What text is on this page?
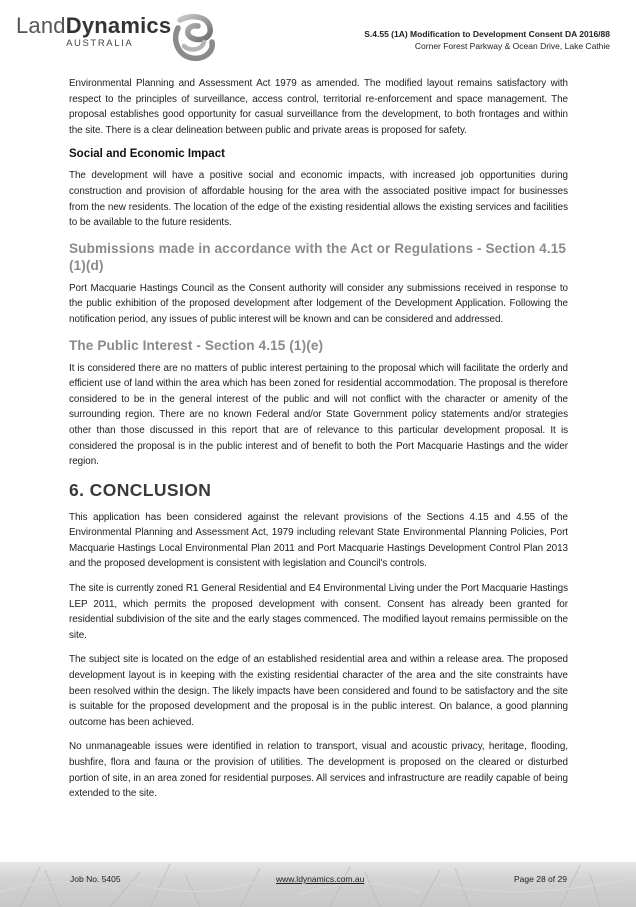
LandDynamics
AUSTRALIA
S.4.55 (1A) Modification to Development Consent DA 2016/88
Corner Forest Parkway & Ocean Drive, Lake Cathie

Environmental Planning and Assessment Act 1979 as amended. The modified layout remains satisfactory with respect to the principles of surveillance, access control, territorial re-enforcement and space management. The proposal establishes good opportunity for casual surveillance from the development, to both frontages and within the site. There is a clear delineation between public and private areas is proposed for safety.

Social and Economic Impact

The development will have a positive social and economic impacts, with increased job opportunities during construction and provision of affordable housing for the area with the associated positive impact for businesses from the new residents. The location of the edge of the existing residential allows the existing services and facilities to be available to the future residents.

Submissions made in accordance with the Act or Regulations - Section 4.15 (1)(d)

Port Macquarie Hastings Council as the Consent authority will consider any submissions received in response to the public exhibition of the proposed development after lodgement of the Development Application. Following the notification period, any issues of public interest will be known and can be considered and addressed.

The Public Interest - Section 4.15 (1)(e)

It is considered there are no matters of public interest pertaining to the proposal which will facilitate the orderly and efficient use of land within the area which has been zoned for residential accommodation. The proposal is therefore considered to be in the general interest of the public and will not conflict with the character or amenity of the surrounding region. There are no known Federal and/or State Government policy statements and/or strategies other than those discussed in this report that are of relevance to this particular development proposal. It is considered the proposal is in the public interest and of benefit to both the Port Macquarie Hastings and the wider region.

6. CONCLUSION

This application has been considered against the relevant provisions of the Sections 4.15 and 4.55 of the Environmental Planning and Assessment Act, 1979 including relevant State Environmental Planning Policies, Port Macquarie Hastings Local Environmental Plan 2011 and Port Macquarie Hastings Development Control Plan 2013 and the proposed development is consistent with legislation and Council's controls.

The site is currently zoned R1 General Residential and E4 Environmental Living under the Port Macquarie Hastings LEP 2011, which permits the proposed development with consent. Consent has already been granted for residential subdivision of the site and the early stages commenced. The modified layout remains permissible on the site.

The subject site is located on the edge of an established residential area and within a release area. The proposed development layout is in keeping with the existing residential character of the area and the site constraints have been resolved within the design. The likely impacts have been considered and found to be satisfactory and the site is suitable for the proposed development and the proposal is in the public interest. On balance, a good planning outcome has been achieved.

No unmanageable issues were identified in relation to transport, visual and acoustic privacy, heritage, flooding, bushfire, flora and fauna or the provision of utilities. The development is proposed on the cleared or disturbed portion of site, in an area zoned for residential purposes. All services and infrastructure are readily capable of being extended to the site.

Job No. 5405	www.ldynamics.com.au	Page 28 of 29
